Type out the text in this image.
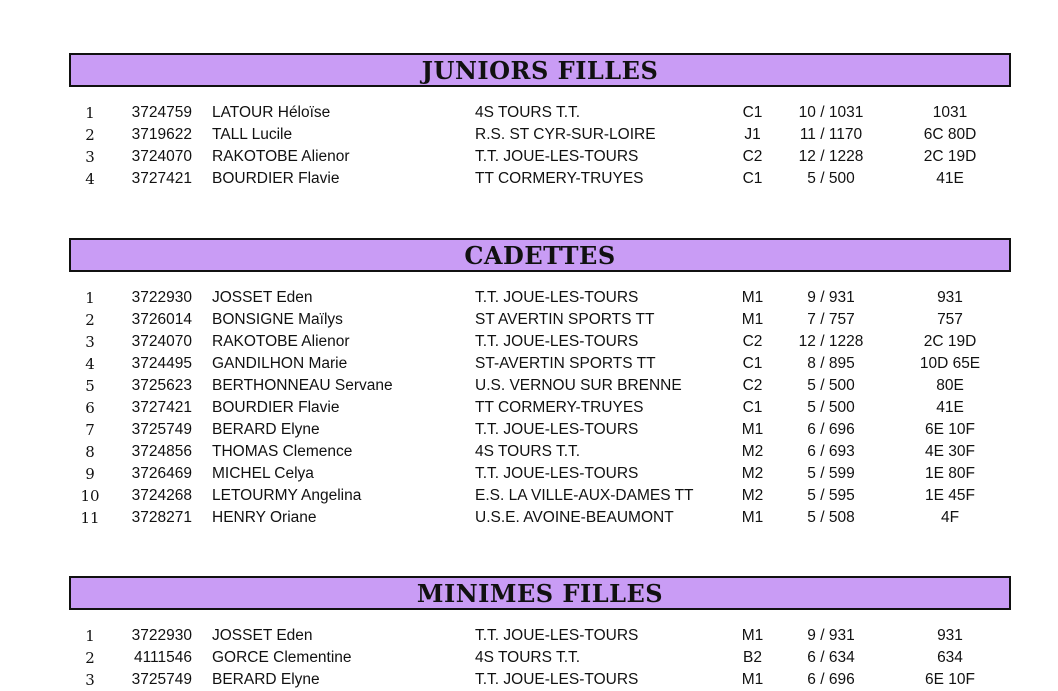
JUNIORS FILLES
1	3724759 LATOUR Héloïse	4S TOURS T.T.	C1	10 / 1031	1031
2	3719622 TALL Lucile	R.S. ST CYR-SUR-LOIRE	J1	11 / 1170	6C 80D
3	3724070 RAKOTOBE Alienor	T.T. JOUE-LES-TOURS	C2	12 / 1228	2C 19D
4	3727421 BOURDIER Flavie	TT CORMERY-TRUYES	C1	5 / 500	41E
CADETTES
1	3722930 JOSSET Eden	T.T. JOUE-LES-TOURS	M1	9 / 931	931
2	3726014 BONSIGNE Maïlys	ST AVERTIN SPORTS TT	M1	7 / 757	757
3	3724070 RAKOTOBE Alienor	T.T. JOUE-LES-TOURS	C2	12 / 1228	2C 19D
4	3724495 GANDILHON Marie	ST-AVERTIN SPORTS TT	C1	8 / 895	10D 65E
5	3725623 BERTHONNEAU Servane	U.S. VERNOU SUR BRENNE	C2	5 / 500	80E
6	3727421 BOURDIER Flavie	TT CORMERY-TRUYES	C1	5 / 500	41E
7	3725749 BERARD Elyne	T.T. JOUE-LES-TOURS	M1	6 / 696	6E 10F
8	3724856 THOMAS Clemence	4S TOURS T.T.	M2	6 / 693	4E 30F
9	3726469 MICHEL Celya	T.T. JOUE-LES-TOURS	M2	5 / 599	1E 80F
10	3724268 LETOURMY Angelina	E.S. LA VILLE-AUX-DAMES TT	M2	5 / 595	1E 45F
11	3728271 HENRY Oriane	U.S.E. AVOINE-BEAUMONT	M1	5 / 508	4F
MINIMES FILLES
1	3722930 JOSSET Eden	T.T. JOUE-LES-TOURS	M1	9 / 931	931
2	4111546 GORCE Clementine	4S TOURS T.T.	B2	6 / 634	634
3	3725749 BERARD Elyne	T.T. JOUE-LES-TOURS	M1	6 / 696	6E 10F
